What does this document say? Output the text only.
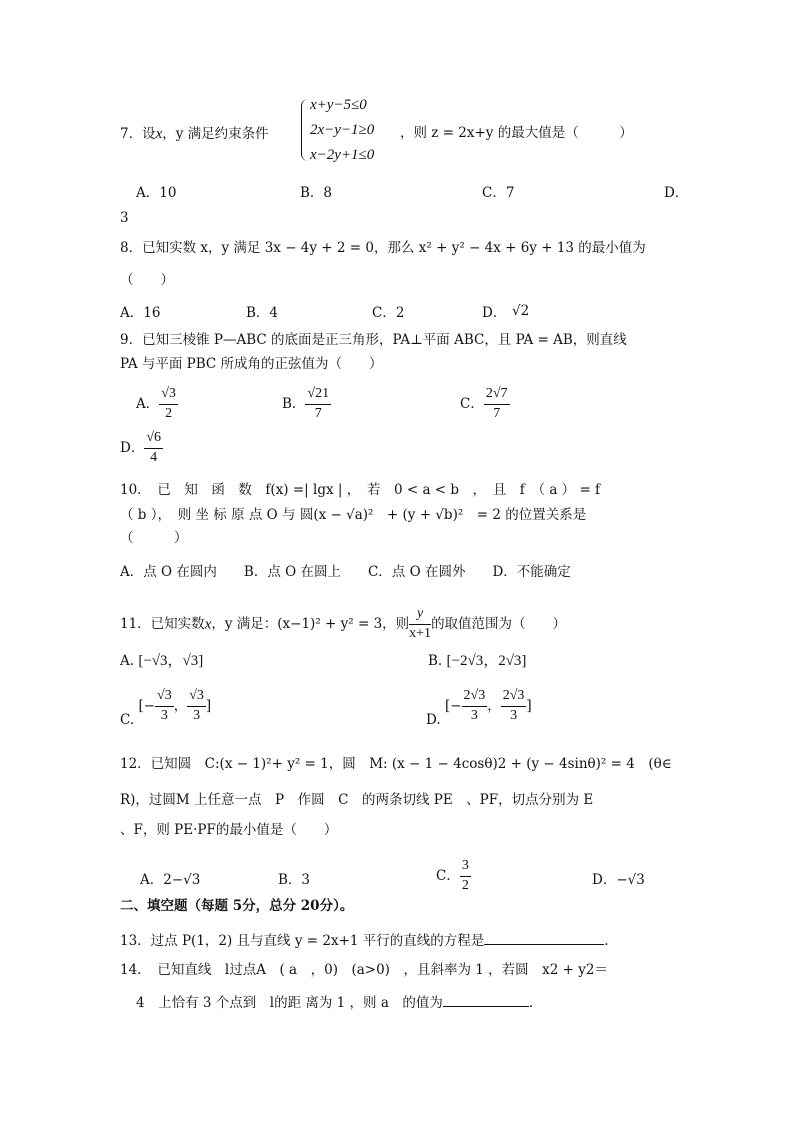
7．设x，y 满足约束条件
x+y−5≤0
2x−y−1≥0
x−2y+1≤0
，则 z = 2x+y 的最大值是（　　　）
A．10	B．8	C．7	D．
3
8．已知实数 x，y 满足 3x − 4y + 2 = 0，那么 x² + y² − 4x + 6y + 13 的最小值为
（　　）
A．16	B．4	C．2	D． √2
9．已知三棱锥 P—ABC 的底面是正三角形，PA⊥平面 ABC，且 PA = AB，则直线
PA 与平面 PBC 所成角的正弦值为（　　）
A． $\frac{√3}{2}$	B． $\frac{√21}{7}$	C． $\frac{2√7}{7}$
D． $\frac{√6}{4}$
10．　已　知　函　数　f(x) =| lgx | ，　若　0 < a < b　，　且　f　（ a ） = f
（ b ），　则 坐 标 原 点 O 与 圆(x − √a)²　+ (y + √b)²　= 2 的位置关系是
（　　　）
A．点 O 在圆内　　B．点 O 在圆上　　C．点 O 在圆外　　D．不能确定
11．已知实数x，y 满足：(x−1)² + y² = 3，则 $\frac{y}{x+1}$ 的取值范围为（　　）
A. [−√3，√3]	B. [−2√3，2√3]
C. [− $\frac{√3}{3}$ ， $\frac{√3}{3}$ ]
D. [− $\frac{2√3}{3}$ ， $\frac{2√3}{3}$ ]
12．已知圆　C:(x − 1)²+ y² = 1，圆　M: (x − 1 − 4cosθ)2 + (y − 4sinθ)² = 4　(θ∈
R)，过圆M 上任意一点　P　作圆　C　的两条切线 PE　、PF，切点分别为 E
、F，则 PE·PF的最小值是（　　）
A．2−√3	B．3	C． $\frac{3}{2}$	D．−√3
二、填空题（每题 5分，总分 20分）。
13．过点 P(1，2) 且与直线 y = 2x+1 平行的直线的方程是	.
14．　已知直线　l过点A　( a　，0)　(a>0)　，且斜率为 1 ，若圆　x2 + y2＝
4　上恰有 3 个点到　l的距 离为 1 ，则 a　的值为	.
